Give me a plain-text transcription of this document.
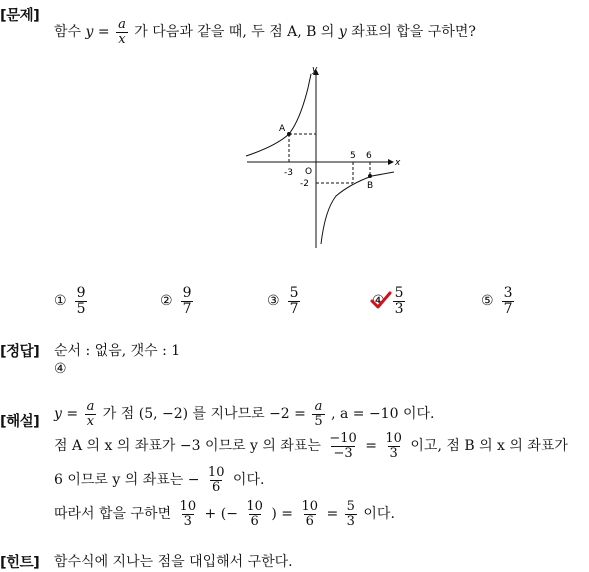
[문제]
함수 $y = \frac{a}{x}$ 가 다음과 같을 때, 두 점 A, B 의 y 좌표의 합을 구하면?
y
x
O
A
B
-3
5 6
-2
① $\frac{9}{5}$	② $\frac{9}{7}$	③ $\frac{5}{7}$	④ $\frac{5}{3}$	⑤ $\frac{3}{7}$
[정답] 순서 : 없음, 갯수 : 1
④
[해설] $y = \frac{a}{x}$ 가 점 (5, −2) 를 지나므로 $-2 = \frac{a}{5}$ , a = −10 이다.
점 A 의 x 의 좌표가 −3 이므로 y 의 좌표는 $\frac{-10}{-3} = \frac{10}{3}$ 이고, 점 B 의 x 의 좌표가
6 이므로 y 의 좌표는 − $\frac{10}{6}$ 이다.
따라서 합을 구하면 $\frac{10}{3}$ + (− $\frac{10}{6}$ ) = $\frac{10}{6} = \frac{5}{3}$ 이다.
[힌트] 함수식에 지나는 점을 대입해서 구한다.
